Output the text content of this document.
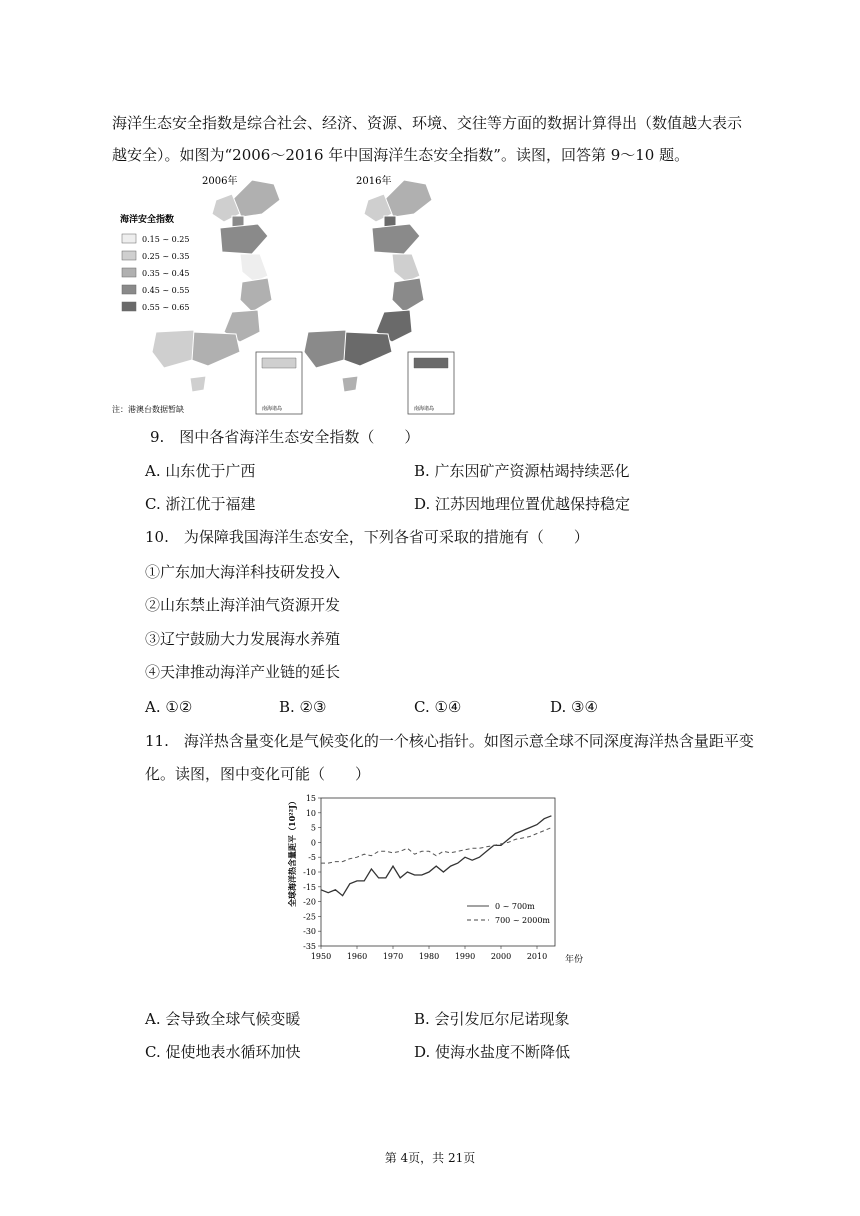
海洋生态安全指数是综合社会、经济、资源、环境、交往等方面的数据计算得出（数值越大表示
越安全）。如图为“2006～2016 年中国海洋生态安全指数”。读图，回答第 9～10 题。
2006年	2016年
海洋安全指数
0.15 ~ 0.25
0.25 ~ 0.35
0.35 ~ 0.45
0.45 ~ 0.55
0.55 ~ 0.65
南海诸岛	南海诸岛
注：港澳台数据暂缺
9.　图中各省海洋生态安全指数（　　）
A. 山东优于广西	B. 广东因矿产资源枯竭持续恶化
C. 浙江优于福建	D. 江苏因地理位置优越保持稳定
10.　为保障我国海洋生态安全，下列各省可采取的措施有（　　）
①广东加大海洋科技研发投入
②山东禁止海洋油气资源开发
③辽宁鼓励大力发展海水养殖
④天津推动海洋产业链的延长
A. ①②	B. ②③	C. ①④	D. ③④
11.　海洋热含量变化是气候变化的一个核心指针。如图示意全球不同深度海洋热含量距平变
化。读图，图中变化可能（　　）
全球海洋热含量距平（10²²J）
年份
15
10
5
0
-5
-10
-15
-20
-25
-30
-35
1950 1960 1970 1980 1990 2000 2010
0 ~ 700m
700 ~ 2000m
A. 会导致全球气候变暖	B. 会引发厄尔尼诺现象
C. 促使地表水循环加快	D. 使海水盐度不断降低
第 4页，共 21页
